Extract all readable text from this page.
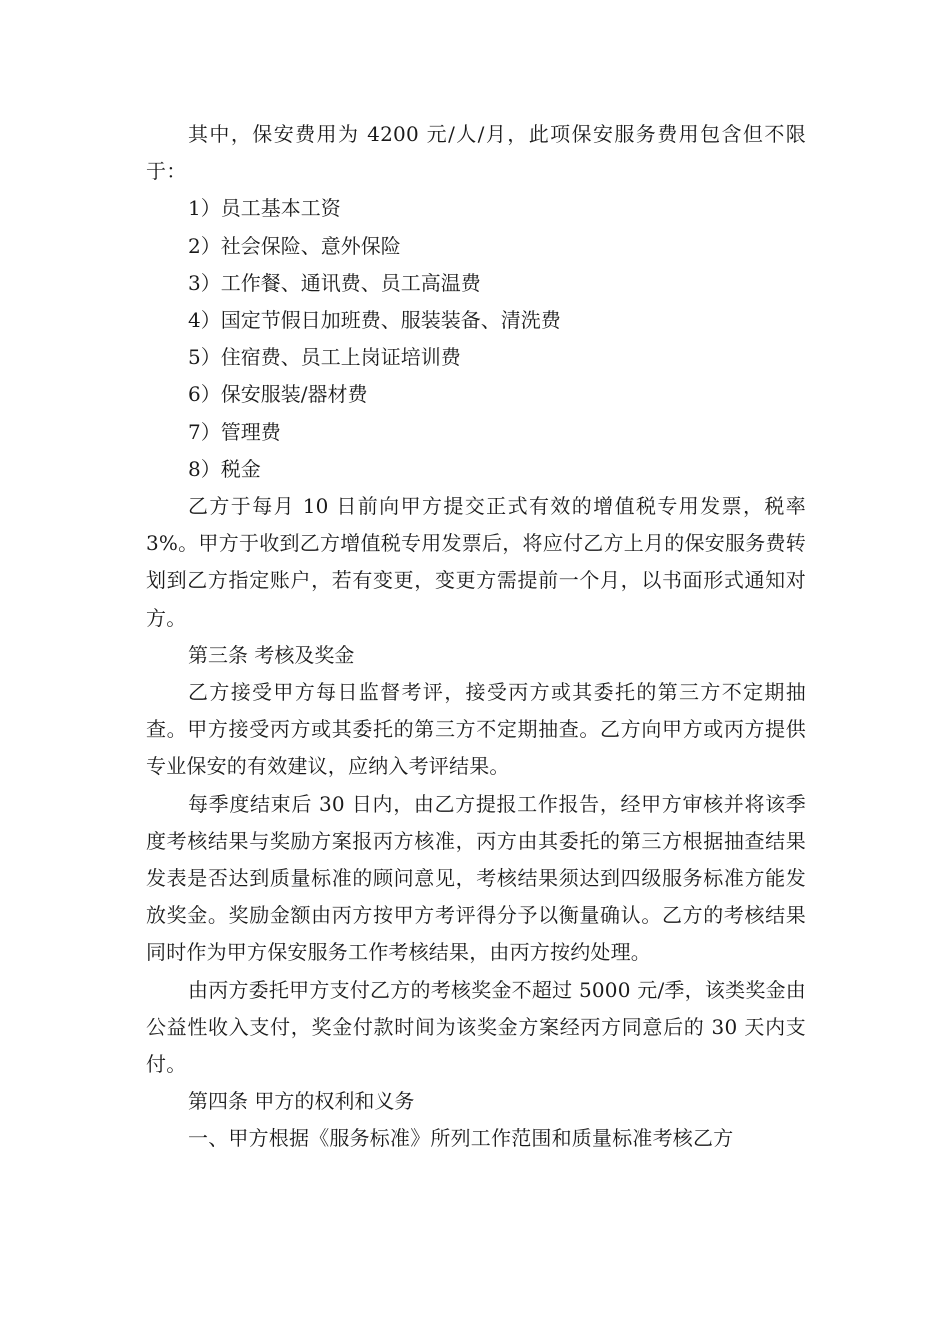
其中，保安费用为 4200 元/人/月，此项保安服务费用包含但不限于：

1）员工基本工资

2）社会保险、意外保险

3）工作餐、通讯费、员工高温费

4）国定节假日加班费、服装装备、清洗费

5）住宿费、员工上岗证培训费

6）保安服装/器材费

7）管理费

8）税金

乙方于每月 10 日前向甲方提交正式有效的增值税专用发票，税率 3%。甲方于收到乙方增值税专用发票后，将应付乙方上月的保安服务费转划到乙方指定账户，若有变更，变更方需提前一个月，以书面形式通知对方。

第三条 考核及奖金

乙方接受甲方每日监督考评，接受丙方或其委托的第三方不定期抽查。甲方接受丙方或其委托的第三方不定期抽查。乙方向甲方或丙方提供专业保安的有效建议，应纳入考评结果。

每季度结束后 30 日内，由乙方提报工作报告，经甲方审核并将该季度考核结果与奖励方案报丙方核准，丙方由其委托的第三方根据抽查结果发表是否达到质量标准的顾问意见，考核结果须达到四级服务标准方能发放奖金。奖励金额由丙方按甲方考评得分予以衡量确认。乙方的考核结果同时作为甲方保安服务工作考核结果，由丙方按约处理。

由丙方委托甲方支付乙方的考核奖金不超过 5000 元/季，该类奖金由公益性收入支付，奖金付款时间为该奖金方案经丙方同意后的 30 天内支付。

第四条 甲方的权利和义务

一、甲方根据《服务标准》所列工作范围和质量标准考核乙方
